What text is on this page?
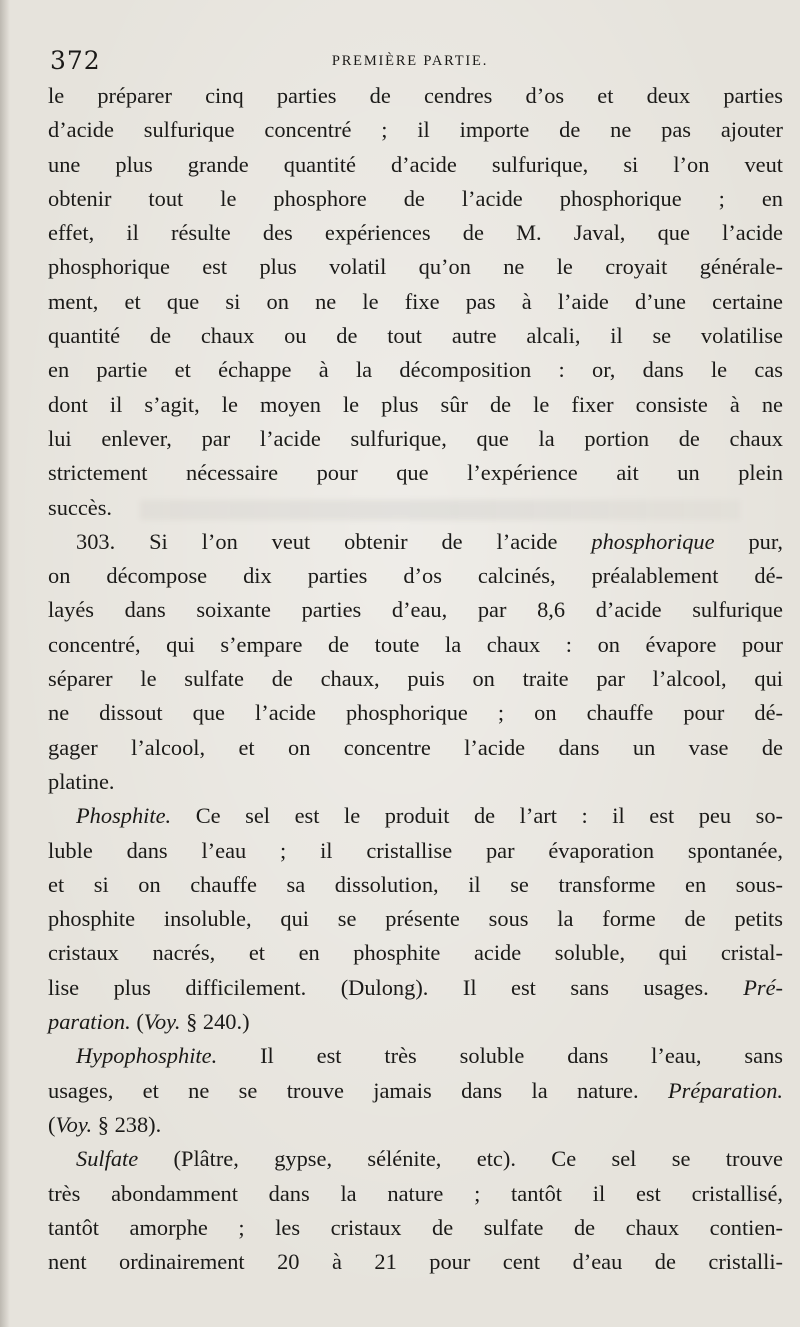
372	PREMIÈRE PARTIE.
le préparer cinq parties de cendres d’os et deux parties
d’acide sulfurique concentré ; il importe de ne pas ajouter
une plus grande quantité d’acide sulfurique, si l’on veut
obtenir tout le phosphore de l’acide phosphorique ; en
effet, il résulte des expériences de M. Javal, que l’acide
phosphorique est plus volatil qu’on ne le croyait générale-
ment, et que si on ne le fixe pas à l’aide d’une certaine
quantité de chaux ou de tout autre alcali, il se volatilise
en partie et échappe à la décomposition : or, dans le cas
dont il s’agit, le moyen le plus sûr de le fixer consiste à ne
lui enlever, par l’acide sulfurique, que la portion de chaux
strictement nécessaire pour que l’expérience ait un plein
succès.
303. Si l’on veut obtenir de l’acide phosphorique pur,
on décompose dix parties d’os calcinés, préalablement dé-
layés dans soixante parties d’eau, par 8,6 d’acide sulfurique
concentré, qui s’empare de toute la chaux : on évapore pour
séparer le sulfate de chaux, puis on traite par l’alcool, qui
ne dissout que l’acide phosphorique ; on chauffe pour dé-
gager l’alcool, et on concentre l’acide dans un vase de
platine.
Phosphite. Ce sel est le produit de l’art : il est peu so-
luble dans l’eau ; il cristallise par évaporation spontanée,
et si on chauffe sa dissolution, il se transforme en sous-
phosphite insoluble, qui se présente sous la forme de petits
cristaux nacrés, et en phosphite acide soluble, qui cristal-
lise plus difficilement. (Dulong). Il est sans usages. Pré-
paration. (Voy. § 240.)
Hypophosphite. Il est très soluble dans l’eau, sans
usages, et ne se trouve jamais dans la nature. Préparation.
(Voy. § 238).
Sulfate (Plâtre, gypse, sélénite, etc). Ce sel se trouve
très abondamment dans la nature ; tantôt il est cristallisé,
tantôt amorphe ; les cristaux de sulfate de chaux contien-
nent ordinairement 20 à 21 pour cent d’eau de cristalli-
